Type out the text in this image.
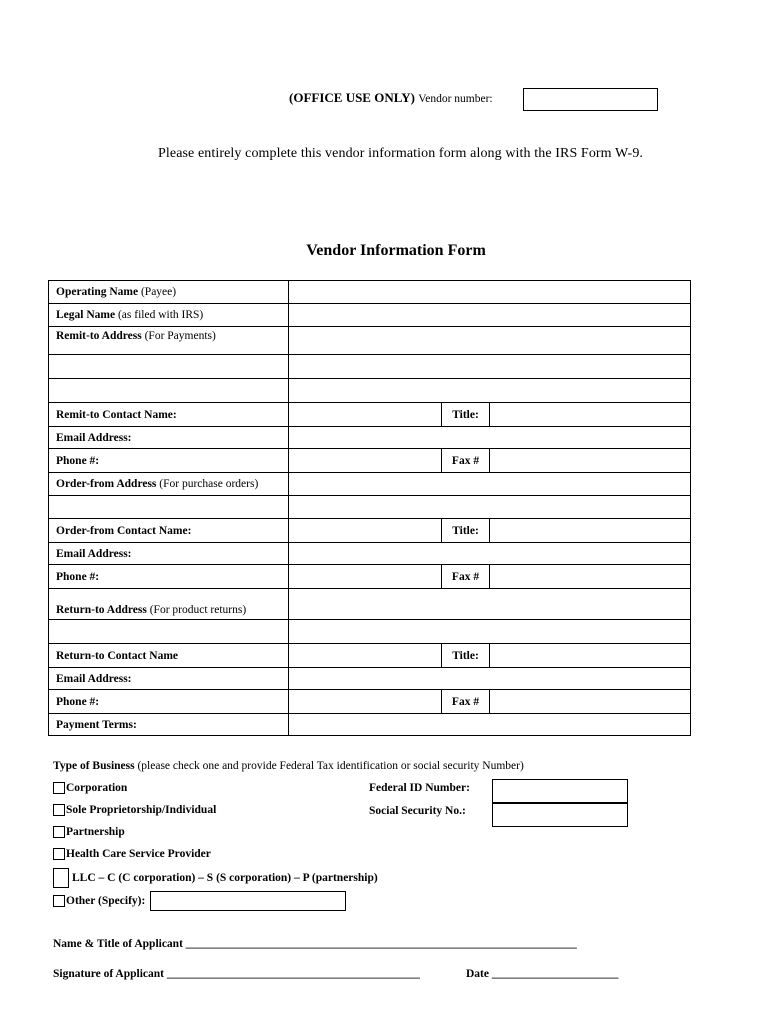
(OFFICE USE ONLY) Vendor number:
Please entirely complete this vendor information form along with the IRS Form W-9.
Vendor Information Form
Operating Name (Payee)			
Legal Name (as filed with IRS)			
Remit-to Address (For Payments)			

Remit-to Contact Name:		Title:	
Email Address:			
Phone #:		Fax #	
Order-from Address (For purchase orders)			

Order-from Contact Name:		Title:	
Email Address:			
Phone #:		Fax #	
Return-to Address (For product returns)			

Return-to Contact Name		Title:	
Email Address:			
Phone #:		Fax #	
Payment Terms:			
Type of Business (please check one and provide Federal Tax identification or social security Number)
Corporation
Sole Proprietorship/Individual
Partnership
Health Care Service Provider
LLC – C (C corporation) – S (S corporation) – P (partnership)
Other (Specify):
Federal ID Number:
Social Security No.:
Name & Title of Applicant ____________________________________________________________________
Signature of Applicant ____________________________________________	Date ______________________
